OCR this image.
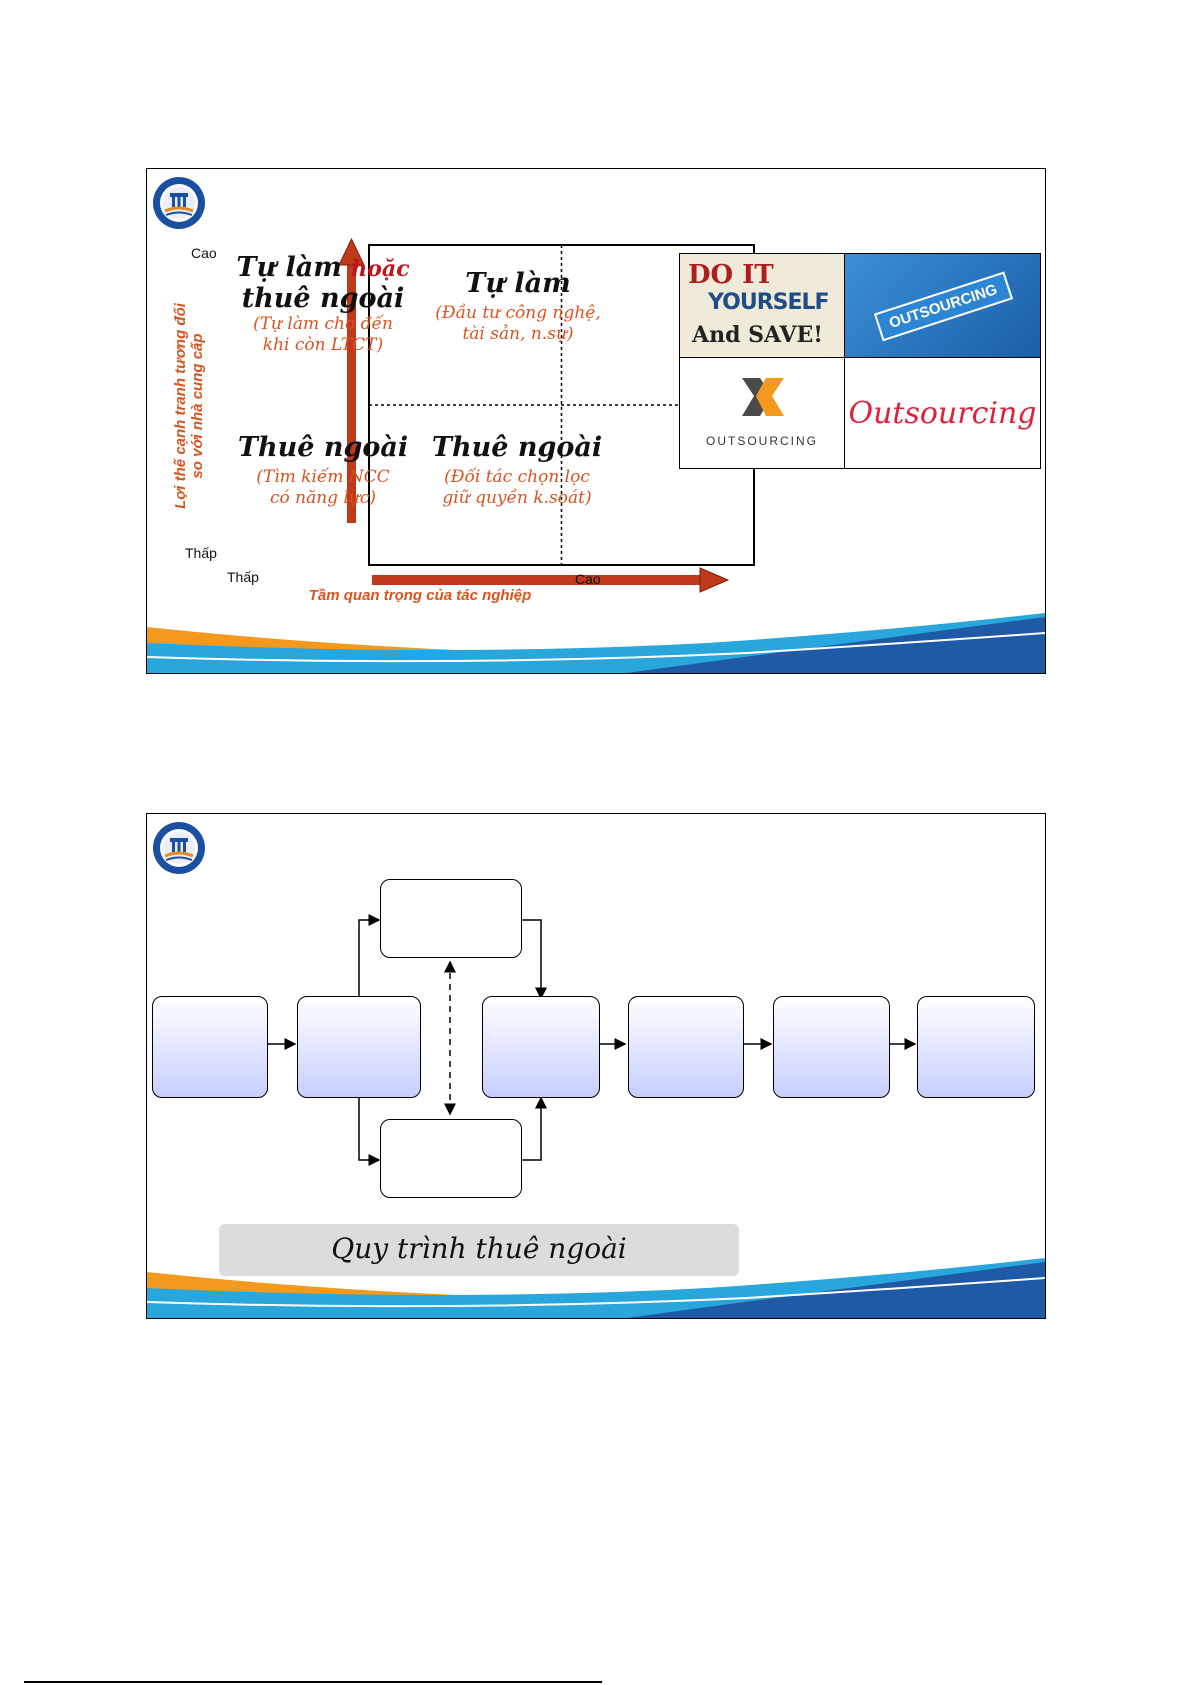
Cao
Thấp
Thấp	Cao
Lợi thế cạnh tranh tương đối so với nhà cung cấp
Tầm quan trọng của tác nghiệp
Tự làm hoặc
thuê ngoài
(Tự làm cho đến khi còn LTCT)
Tự làm
(Đầu tư công nghệ, tài sản, n.sự)
Thuê ngoài
(Tìm kiếm NCC có năng lực)
Thuê ngoài
(Đối tác chọn lọc giữ quyền k.soát)
DO IT
YOURSELF
And SAVE!
OUTSOURCING
OUTSOURCING
Outsourcing
Quy trình thuê ngoài
